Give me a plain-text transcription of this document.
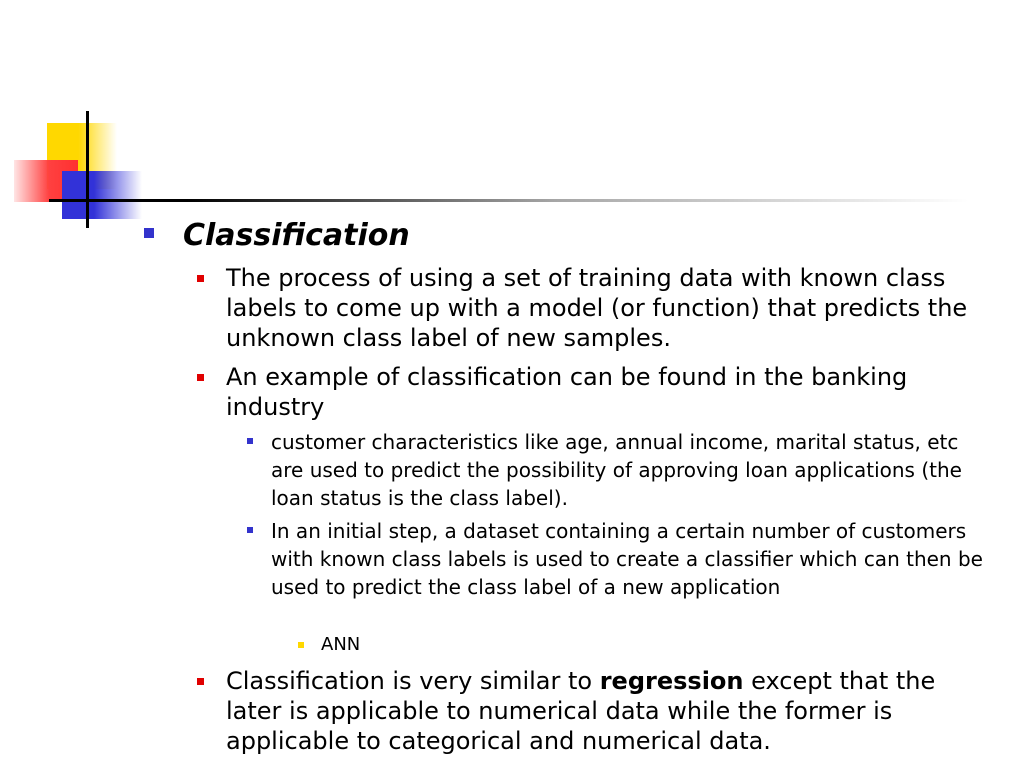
Classification
The process of using a set of training data with known class labels to come up with a model (or function) that predicts the unknown class label of new samples.
An example of classification can be found in the banking industry
customer characteristics like age, annual income, marital status, etc are used to predict the possibility of approving loan applications (the loan status is the class label).
In an initial step, a dataset containing a certain number of customers with known class labels is used to create a classifier which can then be used to predict the class label of a new application
ANN
Classification is very similar to regression except that the later is applicable to numerical data while the former is applicable to categorical and numerical data.
